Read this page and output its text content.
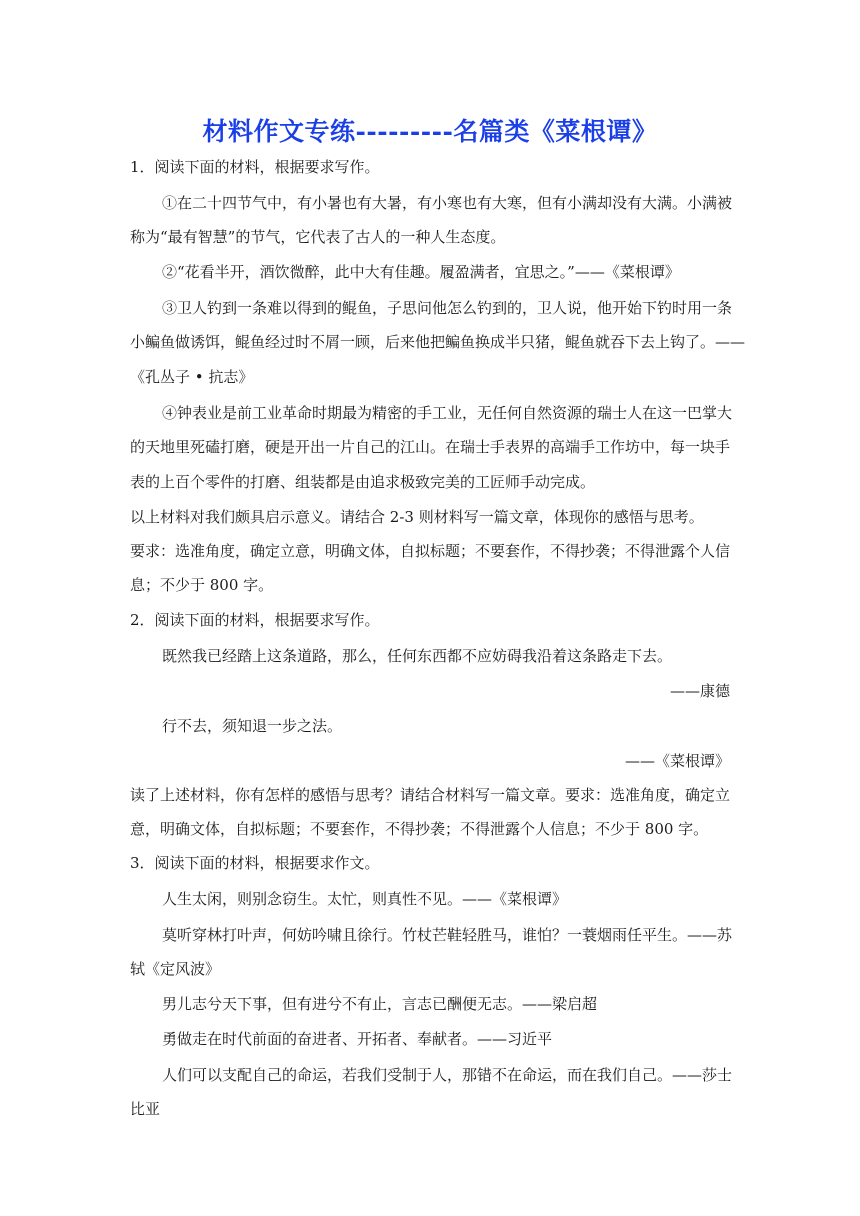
材料作文专练---------名篇类《菜根谭》
1．阅读下面的材料，根据要求写作。
①在二十四节气中，有小暑也有大暑，有小寒也有大寒，但有小满却没有大满。小满被
称为“最有智慧”的节气，它代表了古人的一种人生态度。
②“花看半开，酒饮微醉，此中大有佳趣。履盈满者，宜思之。”——《菜根谭》
③卫人钓到一条难以得到的鲲鱼，子思问他怎么钓到的，卫人说，他开始下钓时用一条
小鳊鱼做诱饵，鲲鱼经过时不屑一顾，后来他把鳊鱼换成半只猪，鲲鱼就吞下去上钩了。——
《孔丛子 • 抗志》
④钟表业是前工业革命时期最为精密的手工业，无任何自然资源的瑞士人在这一巴掌大
的天地里死磕打磨，硬是开出一片自己的江山。在瑞士手表界的高端手工作坊中，每一块手
表的上百个零件的打磨、组装都是由追求极致完美的工匠师手动完成。
以上材料对我们颇具启示意义。请结合 2-3 则材料写一篇文章，体现你的感悟与思考。
要求：选准角度，确定立意，明确文体，自拟标题；不要套作，不得抄袭；不得泄露个人信
息；不少于 800 字。
2．阅读下面的材料，根据要求写作。
既然我已经踏上这条道路，那么，任何东西都不应妨碍我沿着这条路走下去。
——康德
行不去，须知退一步之法。
——《菜根谭》
读了上述材料，你有怎样的感悟与思考？请结合材料写一篇文章。要求：选准角度，确定立
意，明确文体，自拟标题；不要套作，不得抄袭；不得泄露个人信息；不少于 800 字。
3．阅读下面的材料，根据要求作文。
人生太闲，则别念窃生。太忙，则真性不见。——《菜根谭》
莫听穿林打叶声，何妨吟啸且徐行。竹杖芒鞋轻胜马，谁怕？一蓑烟雨任平生。——苏
轼《定风波》
男儿志兮天下事，但有进兮不有止，言志已酬便无志。——梁启超
勇做走在时代前面的奋进者、开拓者、奉献者。——习近平
人们可以支配自己的命运，若我们受制于人，那错不在命运，而在我们自己。——莎士
比亚
